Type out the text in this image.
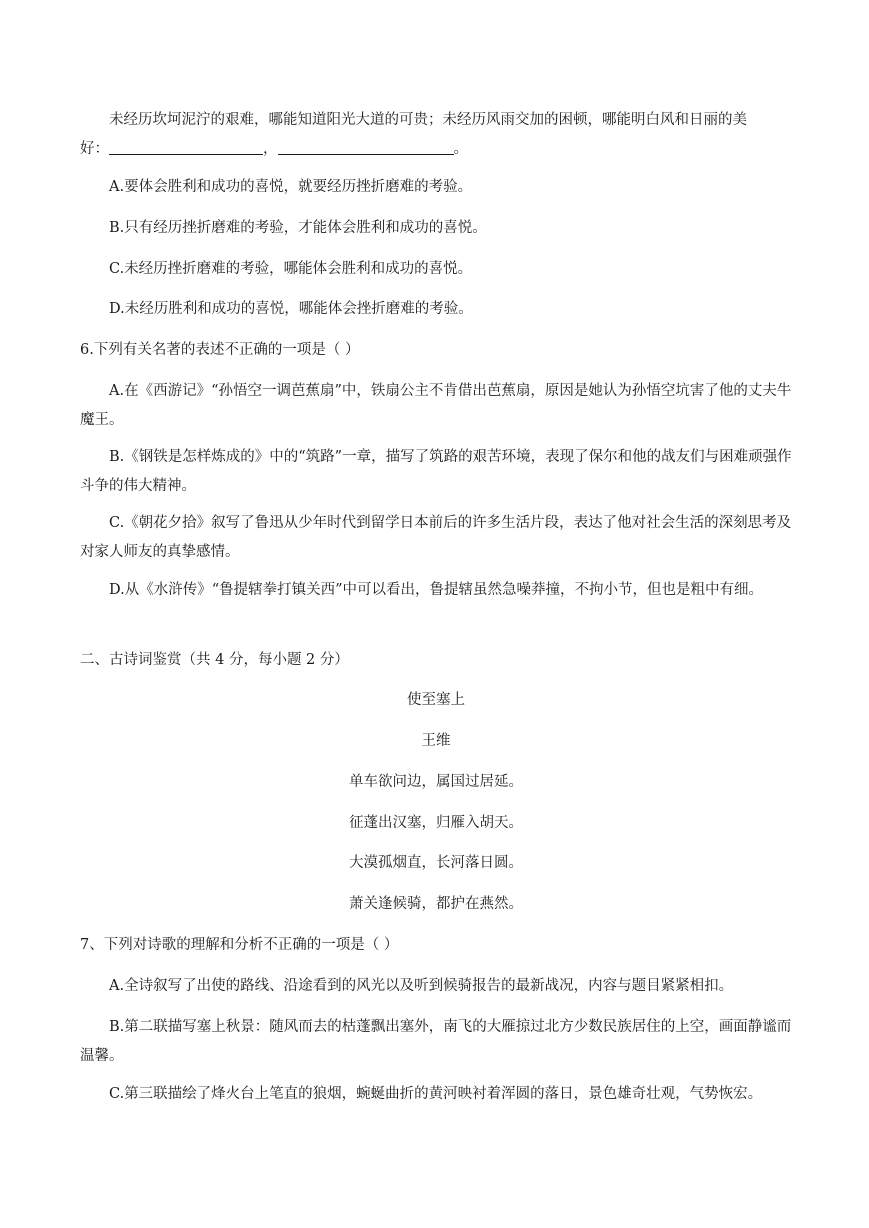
未经历坎坷泥泞的艰难，哪能知道阳光大道的可贵；未经历风雨交加的困顿，哪能明白风和日丽的美

好：	，	。

A.要体会胜利和成功的喜悦，就要经历挫折磨难的考验。

B.只有经历挫折磨难的考验，才能体会胜利和成功的喜悦。

C.未经历挫折磨难的考验，哪能体会胜利和成功的喜悦。

D.未经历胜利和成功的喜悦，哪能体会挫折磨难的考验。

6.下列有关名著的表述不正确的一项是（ ）

A.在《西游记》“孙悟空一调芭蕉扇”中，铁扇公主不肯借出芭蕉扇，原因是她认为孙悟空坑害了他的丈夫牛魔王。

B.《钢铁是怎样炼成的》中的“筑路”一章，描写了筑路的艰苦环境，表现了保尔和他的战友们与困难顽强作斗争的伟大精神。

C.《朝花夕拾》叙写了鲁迅从少年时代到留学日本前后的许多生活片段，表达了他对社会生活的深刻思考及对家人师友的真挚感情。

D.从《水浒传》“鲁提辖拳打镇关西”中可以看出，鲁提辖虽然急噪莽撞，不拘小节，但也是粗中有细。

二、古诗词鉴赏（共 4 分，每小题 2 分）

使至塞上

王维

单车欲问边，属国过居延。

征蓬出汉塞，归雁入胡天。

大漠孤烟直，长河落日圆。

萧关逢候骑，都护在燕然。

7、下列对诗歌的理解和分析不正确的一项是（ ）

A.全诗叙写了出使的路线、沿途看到的风光以及听到候骑报告的最新战况，内容与题目紧紧相扣。

B.第二联描写塞上秋景：随风而去的枯蓬飘出塞外，南飞的大雁掠过北方少数民族居住的上空，画面静谧而温馨。

C.第三联描绘了烽火台上笔直的狼烟，蜿蜒曲折的黄河映衬着浑圆的落日，景色雄奇壮观，气势恢宏。
